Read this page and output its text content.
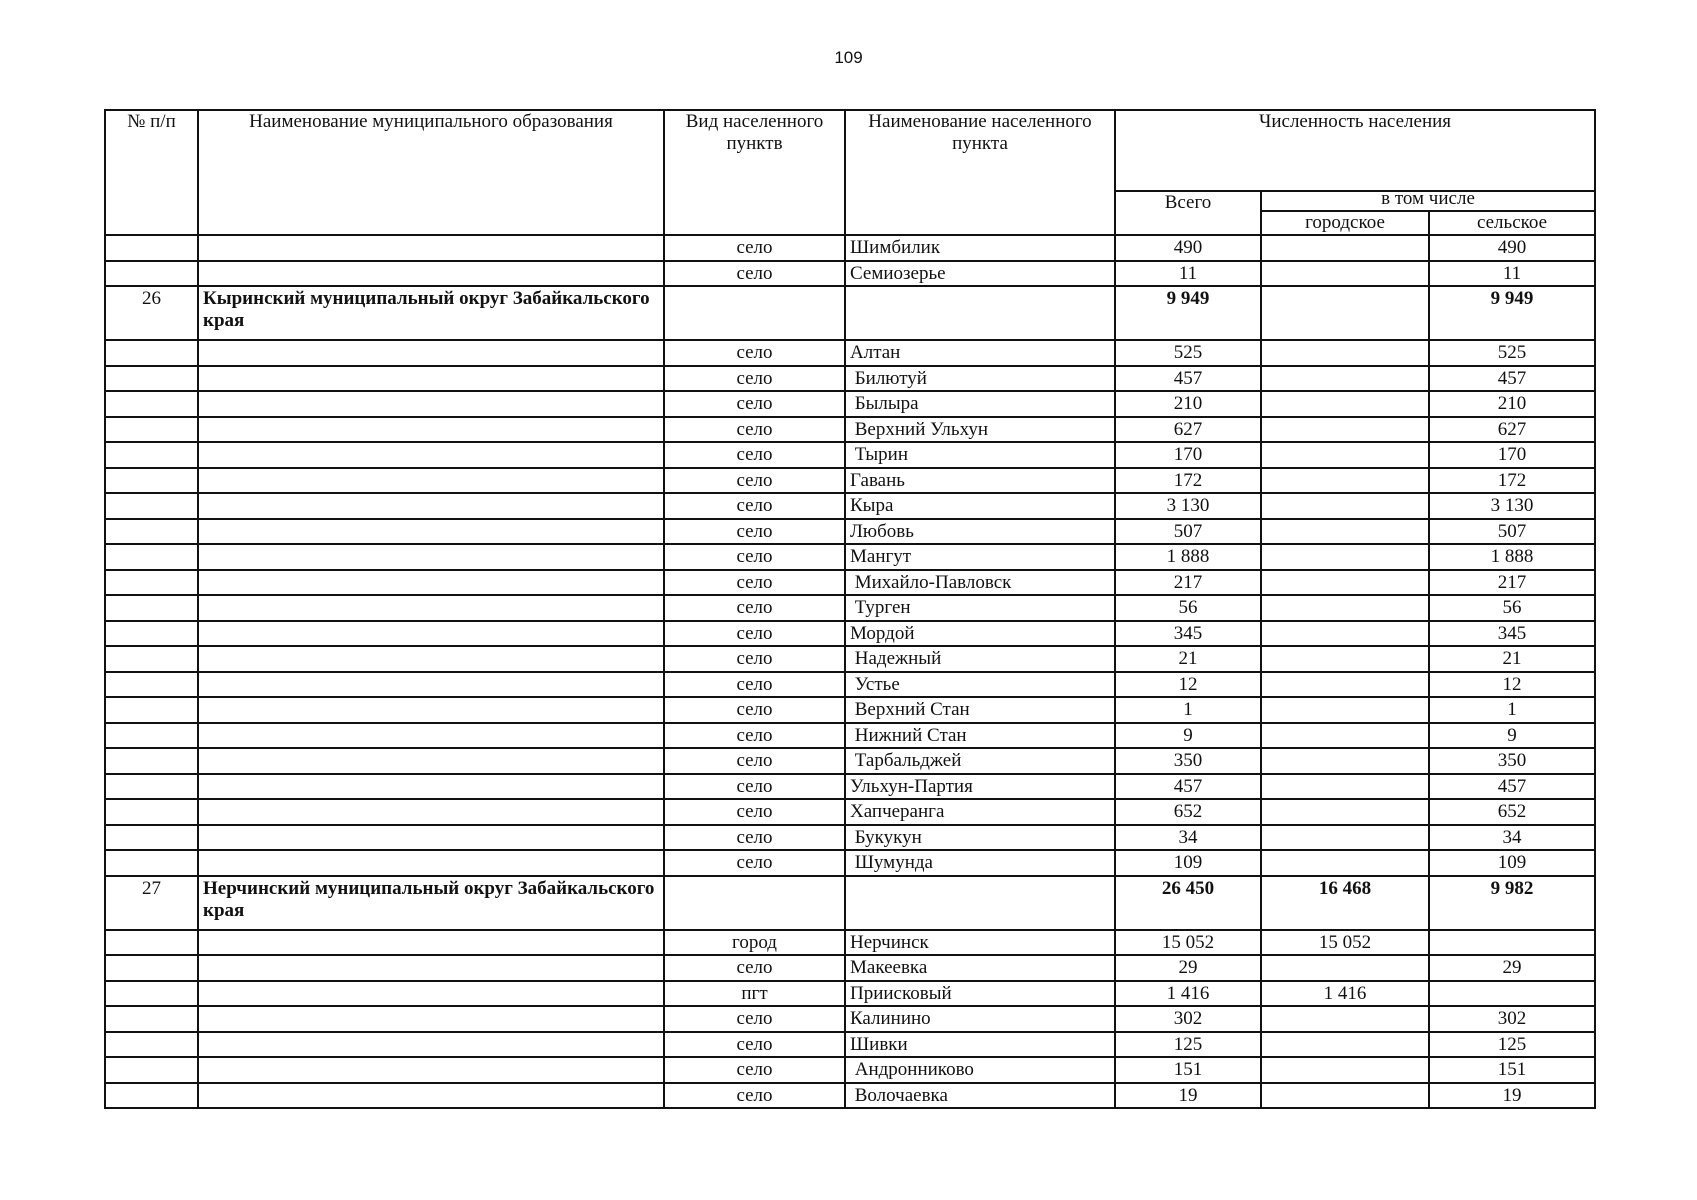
109
№ п/п	Наименование муниципального образования	Вид населенного пунктв	Наименование населенного пункта	Численность населения		
				Всего	в том числе	
					городское	сельское
		село	Шимбилик	490		490
		село	Семиозерье	11		11
26	Кыринский муниципальный округ Забайкальского края			9 949		9 949
		село	Алтан	525		525
		село	Билютуй	457		457
		село	Былыра	210		210
		село	Верхний Ульхун	627		627
		село	Тырин	170		170
		село	Гавань	172		172
		село	Кыра	3 130		3 130
		село	Любовь	507		507
		село	Мангут	1 888		1 888
		село	Михайло-Павловск	217		217
		село	Турген	56		56
		село	Мордой	345		345
		село	Надежный	21		21
		село	Устье	12		12
		село	Верхний Стан	1		1
		село	Нижний Стан	9		9
		село	Тарбальджей	350		350
		село	Ульхун-Партия	457		457
		село	Хапчеранга	652		652
		село	Букукун	34		34
		село	Шумунда	109		109
27	Нерчинский муниципальный округ Забайкальского края			26 450	16 468	9 982
		город	Нерчинск	15 052	15 052	
		село	Макеевка	29		29
		пгт	Приисковый	1 416	1 416	
		село	Калинино	302		302
		село	Шивки	125		125
		село	Андронниково	151		151
		село	Волочаевка	19		19
